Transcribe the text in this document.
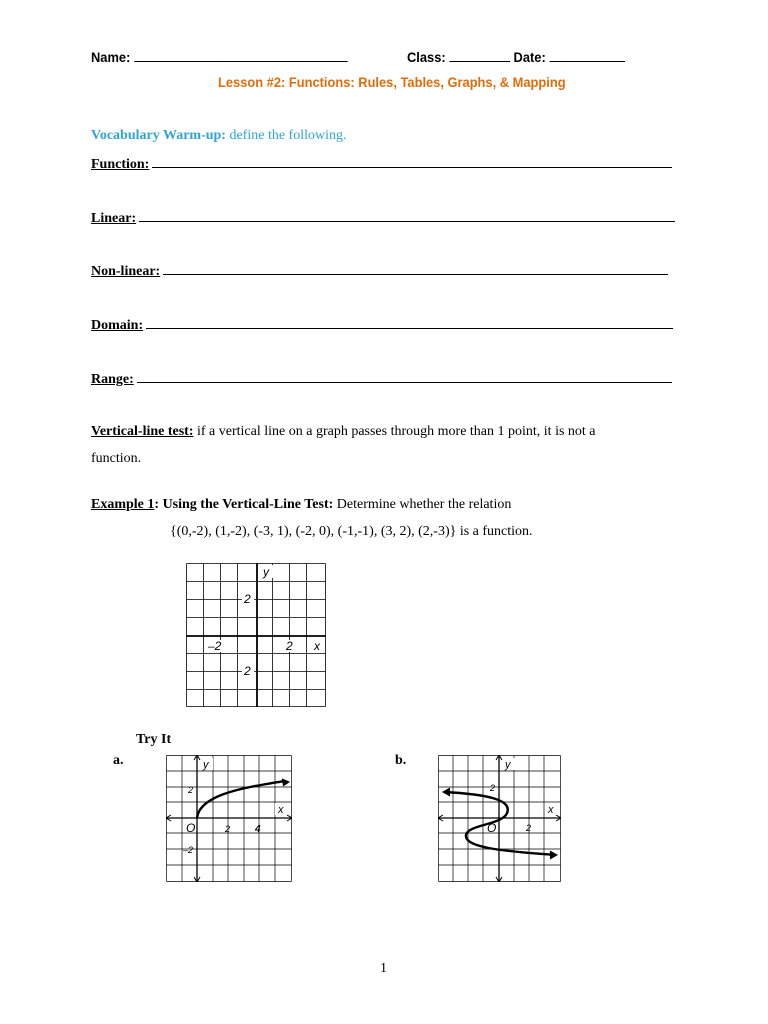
Name:	Class:	Date:
Lesson #2: Functions: Rules, Tables, Graphs, & Mapping
Vocabulary Warm-up: define the following.
Function:
Linear:
Non-linear:
Domain:
Range:
Vertical-line test: if a vertical line on a graph passes through more than 1 point, it is not a
function.
Example 1: Using the Vertical-Line Test: Determine whether the relation
{(0,-2), (1,-2), (-3, 1), (-2, 0), (-1,-1), (3, 2), (2,-3)} is a function.
y
x
2
2
–2	2
Try It
a.	b.
y
x
O
2
–2
2 4
y
x
O
2
2
1
